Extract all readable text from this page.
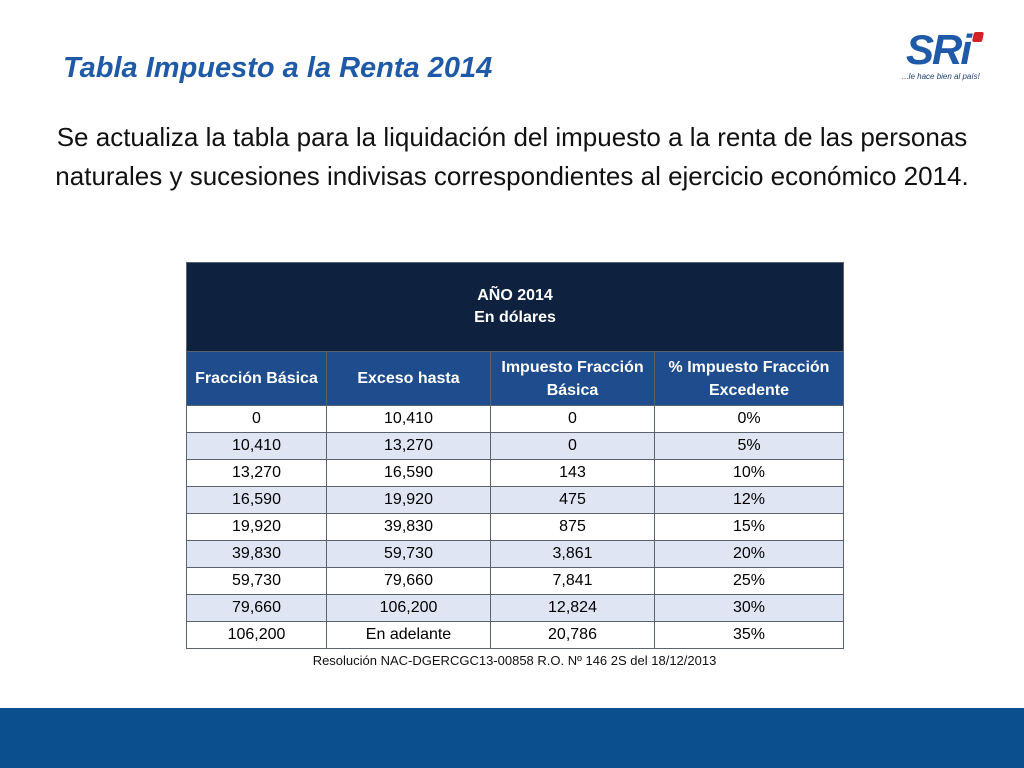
Tabla Impuesto a la Renta 2014	SRi
...le hace bien al país!
Se actualiza la tabla para la liquidación del impuesto a la renta de las personas naturales y sucesiones indivisas correspondientes al ejercicio económico 2014.
AÑO 2014
En dólares			

Fracción Básica	Exceso hasta	Impuesto Fracción Básica	% Impuesto Fracción Excedente
0	10,410	0	0%
10,410	13,270	0	5%
13,270	16,590	143	10%
16,590	19,920	475	12%
19,920	39,830	875	15%
39,830	59,730	3,861	20%
59,730	79,660	7,841	25%
79,660	106,200	12,824	30%
106,200	En adelante	20,786	35%
Resolución NAC-DGERCGC13-00858 R.O. Nº 146 2S del 18/12/2013
